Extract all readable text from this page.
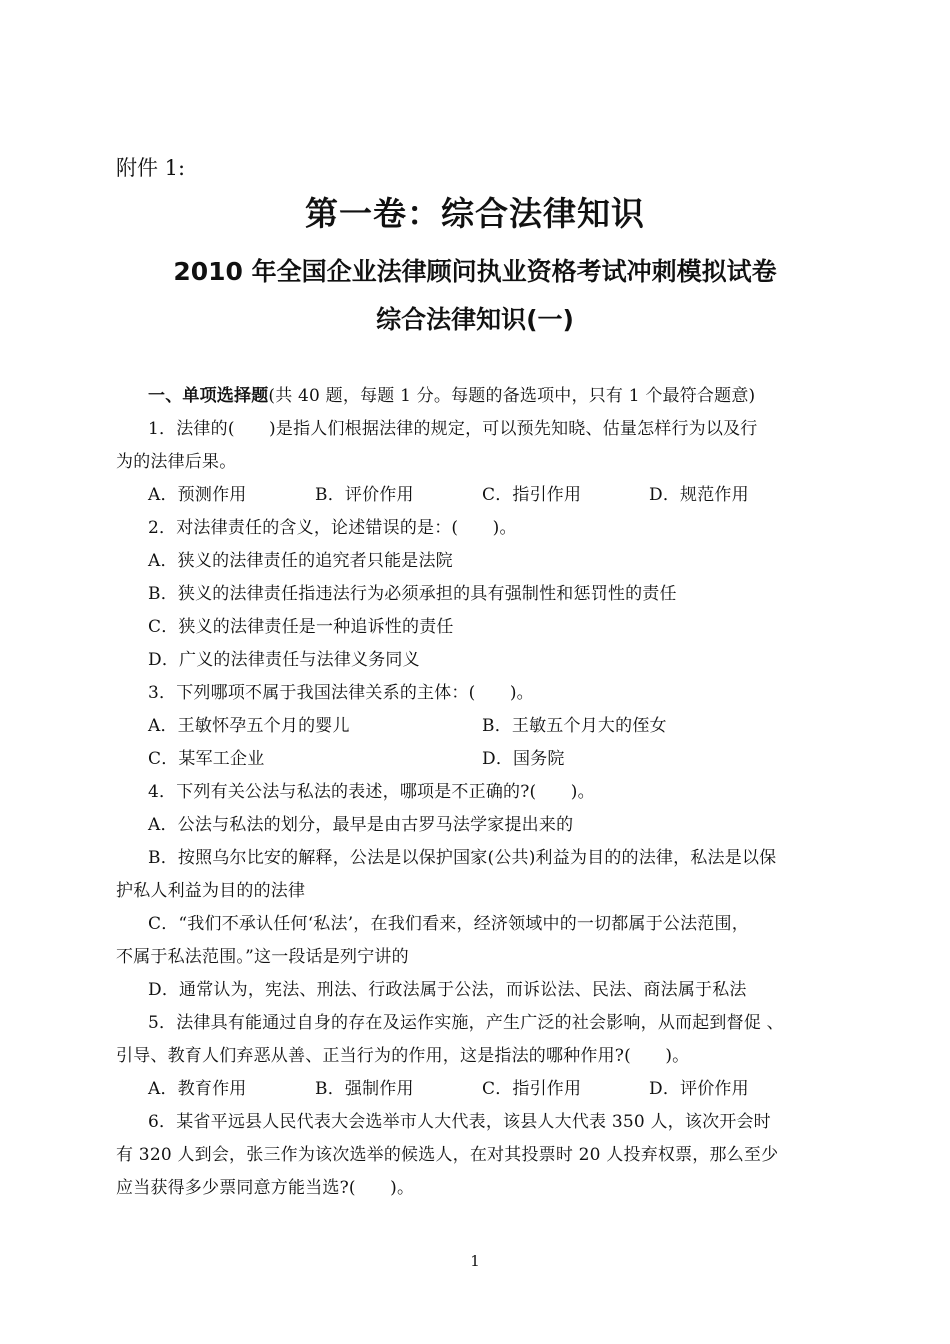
附件 1:
第一卷：综合法律知识
2010 年全国企业法律顾问执业资格考试冲刺模拟试卷
综合法律知识(一)
一、单项选择题(共 40 题，每题 1 分。每题的备选项中，只有 1 个最符合题意)
1．法律的(　　)是指人们根据法律的规定，可以预先知晓、估量怎样行为以及行
为的法律后果。
A．预测作用	B．评价作用	C．指引作用	D．规范作用
2．对法律责任的含义，论述错误的是：(　　)。
A．狭义的法律责任的追究者只能是法院
B．狭义的法律责任指违法行为必须承担的具有强制性和惩罚性的责任
C．狭义的法律责任是一种追诉性的责任
D．广义的法律责任与法律义务同义
3．下列哪项不属于我国法律关系的主体：(　　)。
A．王敏怀孕五个月的婴儿	B．王敏五个月大的侄女
C．某军工企业	D．国务院
4．下列有关公法与私法的表述，哪项是不正确的?(　　)。
A．公法与私法的划分，最早是由古罗马法学家提出来的
B．按照乌尔比安的解释，公法是以保护国家(公共)利益为目的的法律，私法是以保
护私人利益为目的的法律
C．“我们不承认任何‘私法’，在我们看来，经济领域中的一切都属于公法范围，
不属于私法范围。”这一段话是列宁讲的
D．通常认为，宪法、刑法、行政法属于公法，而诉讼法、民法、商法属于私法
5．法律具有能通过自身的存在及运作实施，产生广泛的社会影响，从而起到督促 、
引导、教育人们弃恶从善、正当行为的作用，这是指法的哪种作用?(　　)。
A．教育作用	B．强制作用	C．指引作用	D．评价作用
6．某省平远县人民代表大会选举市人大代表，该县人大代表 350 人，该次开会时
有 320 人到会，张三作为该次选举的候选人，在对其投票时 20 人投弃权票，那么至少
应当获得多少票同意方能当选?(　　)。
1
